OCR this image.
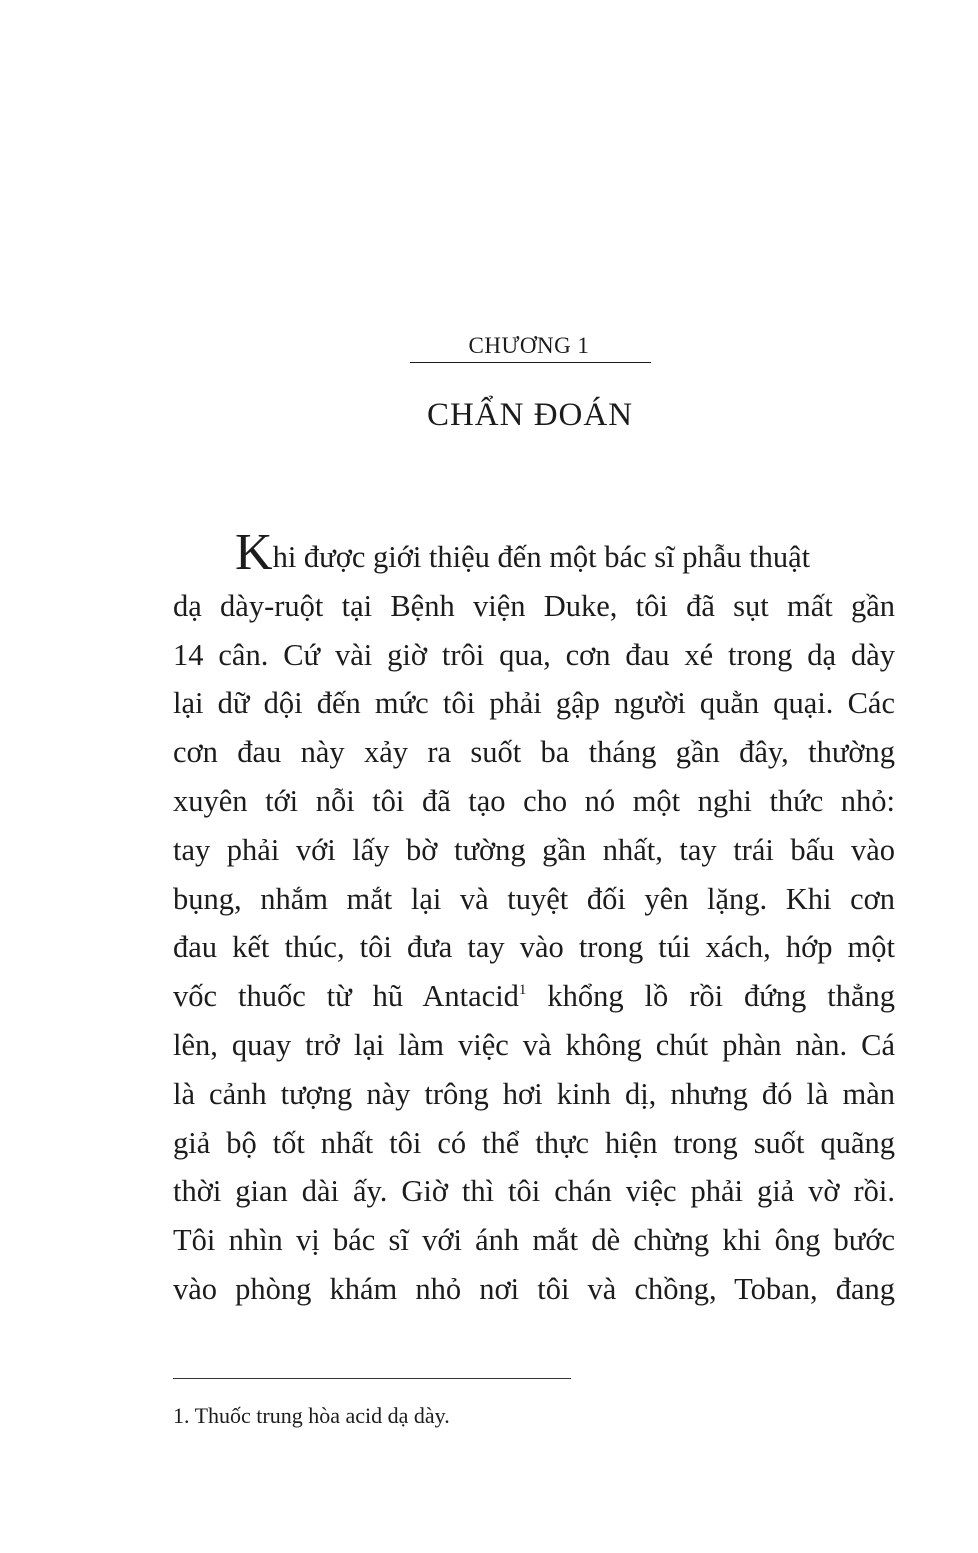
CHƯƠNG 1
CHẨN ĐOÁN

Khi được giới thiệu đến một bác sĩ phẫu thuật
dạ dày-ruột tại Bệnh viện Duke, tôi đã sụt mất gần
14 cân. Cứ vài giờ trôi qua, cơn đau xé trong dạ dày
lại dữ dội đến mức tôi phải gập người quằn quại. Các
cơn đau này xảy ra suốt ba tháng gần đây, thường
xuyên tới nỗi tôi đã tạo cho nó một nghi thức nhỏ:
tay phải với lấy bờ tường gần nhất, tay trái bấu vào
bụng, nhắm mắt lại và tuyệt đối yên lặng. Khi cơn
đau kết thúc, tôi đưa tay vào trong túi xách, hớp một
vốc thuốc từ hũ Antacid$^1$ khổng lồ rồi đứng thẳng
lên, quay trở lại làm việc và không chút phàn nàn. Cá
là cảnh tượng này trông hơi kinh dị, nhưng đó là màn
giả bộ tốt nhất tôi có thể thực hiện trong suốt quãng
thời gian dài ấy. Giờ thì tôi chán việc phải giả vờ rồi.
Tôi nhìn vị bác sĩ với ánh mắt dè chừng khi ông bước
vào phòng khám nhỏ nơi tôi và chồng, Toban, đang

1. Thuốc trung hòa acid dạ dày.
